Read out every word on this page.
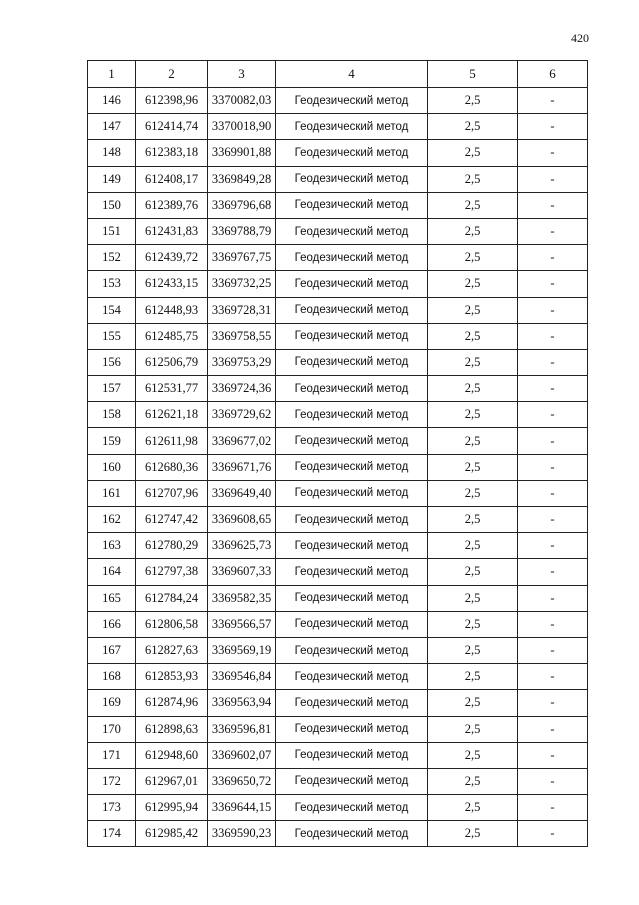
420
1	2	3	4	5	6
146	612398,96	3370082,03	Геодезический метод	2,5	-
147	612414,74	3370018,90	Геодезический метод	2,5	-
148	612383,18	3369901,88	Геодезический метод	2,5	-
149	612408,17	3369849,28	Геодезический метод	2,5	-
150	612389,76	3369796,68	Геодезический метод	2,5	-
151	612431,83	3369788,79	Геодезический метод	2,5	-
152	612439,72	3369767,75	Геодезический метод	2,5	-
153	612433,15	3369732,25	Геодезический метод	2,5	-
154	612448,93	3369728,31	Геодезический метод	2,5	-
155	612485,75	3369758,55	Геодезический метод	2,5	-
156	612506,79	3369753,29	Геодезический метод	2,5	-
157	612531,77	3369724,36	Геодезический метод	2,5	-
158	612621,18	3369729,62	Геодезический метод	2,5	-
159	612611,98	3369677,02	Геодезический метод	2,5	-
160	612680,36	3369671,76	Геодезический метод	2,5	-
161	612707,96	3369649,40	Геодезический метод	2,5	-
162	612747,42	3369608,65	Геодезический метод	2,5	-
163	612780,29	3369625,73	Геодезический метод	2,5	-
164	612797,38	3369607,33	Геодезический метод	2,5	-
165	612784,24	3369582,35	Геодезический метод	2,5	-
166	612806,58	3369566,57	Геодезический метод	2,5	-
167	612827,63	3369569,19	Геодезический метод	2,5	-
168	612853,93	3369546,84	Геодезический метод	2,5	-
169	612874,96	3369563,94	Геодезический метод	2,5	-
170	612898,63	3369596,81	Геодезический метод	2,5	-
171	612948,60	3369602,07	Геодезический метод	2,5	-
172	612967,01	3369650,72	Геодезический метод	2,5	-
173	612995,94	3369644,15	Геодезический метод	2,5	-
174	612985,42	3369590,23	Геодезический метод	2,5	-
